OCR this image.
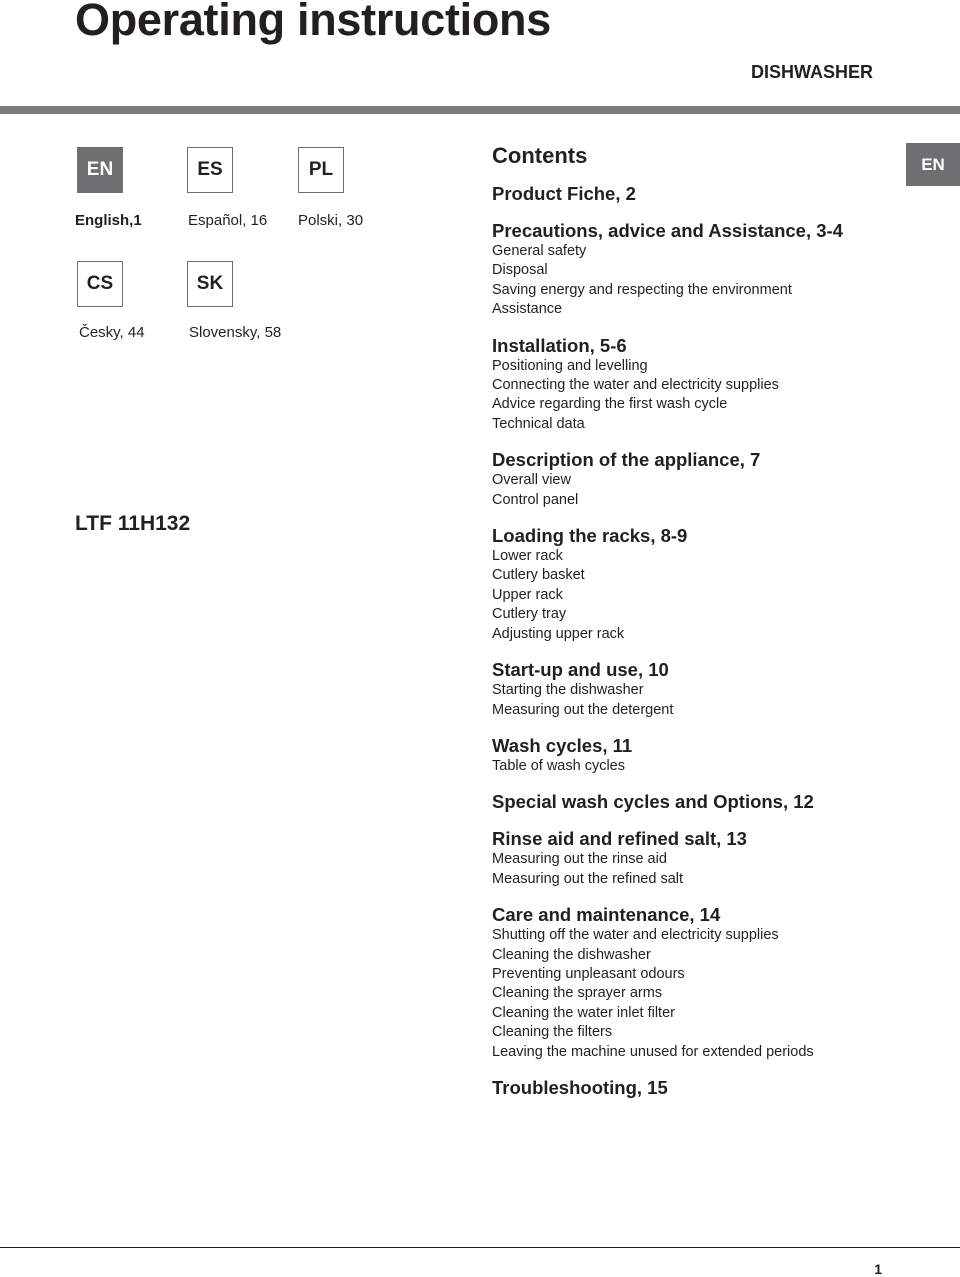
Operating instructions
DISHWASHER
EN
EN
English,1
ES
Español, 16
PL
Polski, 30
CS
Česky, 44
SK
Slovensky, 58
LTF 11H132
Contents
Product Fiche, 2
Precautions, advice and Assistance, 3-4
General safety
Disposal
Saving energy and respecting the environment
Assistance
Installation, 5-6
Positioning and levelling
Connecting the water and electricity supplies
Advice regarding the first wash cycle
Technical data
Description of the appliance, 7
Overall view
Control panel
Loading the racks, 8-9
Lower rack
Cutlery basket
Upper rack
Cutlery tray
Adjusting upper rack
Start-up and use, 10
Starting the dishwasher
Measuring out the detergent
Wash cycles, 11
Table of wash cycles
Special wash cycles and Options, 12
Rinse aid and refined salt, 13
Measuring out the rinse aid
Measuring out the refined salt
Care and maintenance, 14
Shutting off the water and electricity supplies
Cleaning the dishwasher
Preventing unpleasant odours
Cleaning the sprayer arms
Cleaning the water inlet filter
Cleaning the filters
Leaving the machine unused for extended periods
Troubleshooting, 15
1
